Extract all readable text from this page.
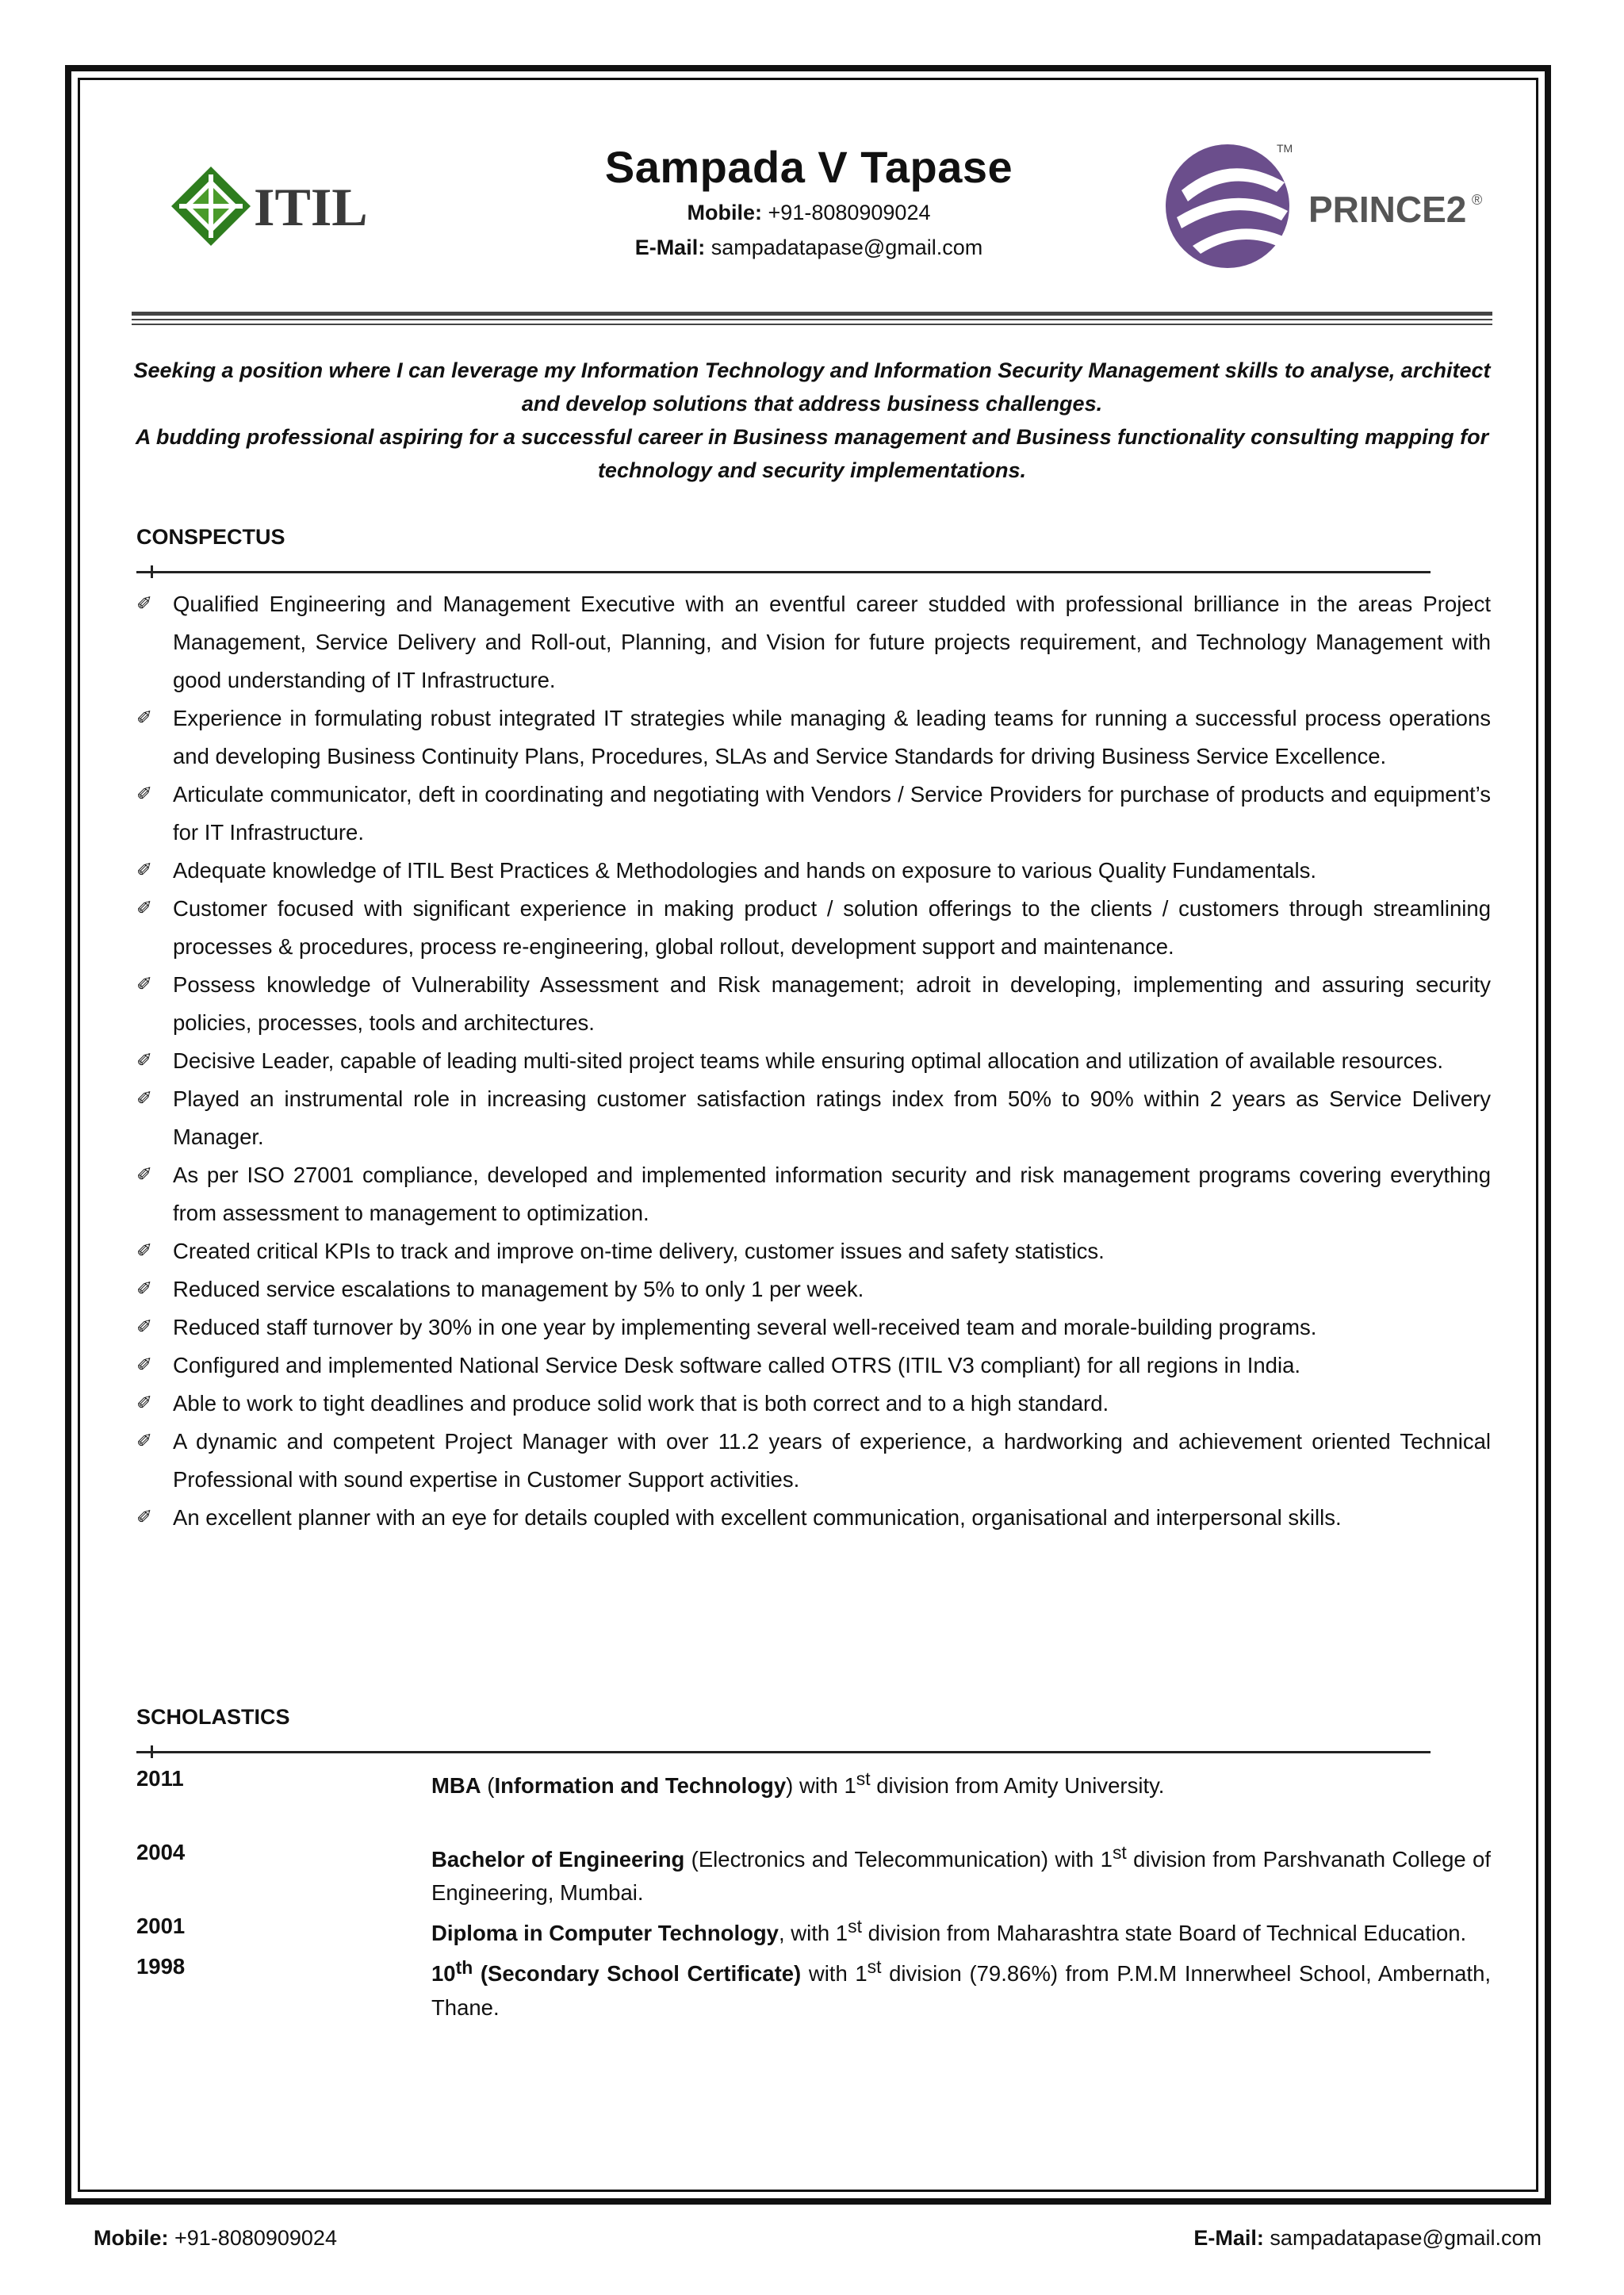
ITIL
TM
PRINCE2 ®
Sampada V Tapase
Mobile: +91-8080909024
E-Mail: sampadatapase@gmail.com

Seeking a position where I can leverage my Information Technology and Information Security Management skills to analyse, architect and develop solutions that address business challenges.

A budding professional aspiring for a successful career in Business management and Business functionality consulting mapping for technology and security implementations.

CONSPECTUS
✐ Qualified Engineering and Management Executive with an eventful career studded with professional brilliance in the areas Project Management, Service Delivery and Roll-out, Planning, and Vision for future projects requirement, and Technology Management with good understanding of IT Infrastructure.
✐ Experience in formulating robust integrated IT strategies while managing & leading teams for running a successful process operations and developing Business Continuity Plans, Procedures, SLAs and Service Standards for driving Business Service Excellence.
✐ Articulate communicator, deft in coordinating and negotiating with Vendors / Service Providers for purchase of products and equipment’s for IT Infrastructure.
✐ Adequate knowledge of ITIL Best Practices & Methodologies and hands on exposure to various Quality Fundamentals.
✐ Customer focused with significant experience in making product / solution offerings to the clients / customers through streamlining processes & procedures, process re-engineering, global rollout, development support and maintenance.
✐ Possess knowledge of Vulnerability Assessment and Risk management; adroit in developing, implementing and assuring security policies, processes, tools and architectures.
✐ Decisive Leader, capable of leading multi-sited project teams while ensuring optimal allocation and utilization of available resources.
✐ Played an instrumental role in increasing customer satisfaction ratings index from 50% to 90% within 2 years as Service Delivery Manager.
✐ As per ISO 27001 compliance, developed and implemented information security and risk management programs covering everything from assessment to management to optimization.
✐ Created critical KPIs to track and improve on-time delivery, customer issues and safety statistics.
✐ Reduced service escalations to management by 5% to only 1 per week.
✐ Reduced staff turnover by 30% in one year by implementing several well-received team and morale-building programs.
✐ Configured and implemented National Service Desk software called OTRS (ITIL V3 compliant) for all regions in India.
✐ Able to work to tight deadlines and produce solid work that is both correct and to a high standard.
✐ A dynamic and competent Project Manager with over 11.2 years of experience, a hardworking and achievement oriented Technical Professional with sound expertise in Customer Support activities.
✐ An excellent planner with an eye for details coupled with excellent communication, organisational and interpersonal skills.
SCHOLASTICS
2011	MBA (Information and Technology) with 1st division from Amity University.
2004	Bachelor of Engineering (Electronics and Telecommunication) with 1st division from Parshvanath College of Engineering, Mumbai.
2001	Diploma in Computer Technology, with 1st division from Maharashtra state Board of Technical Education.
1998	10th (Secondary School Certificate) with 1st division (79.86%) from P.M.M Innerwheel School, Ambernath, Thane.
Mobile: +91-8080909024	E-Mail: sampadatapase@gmail.com
